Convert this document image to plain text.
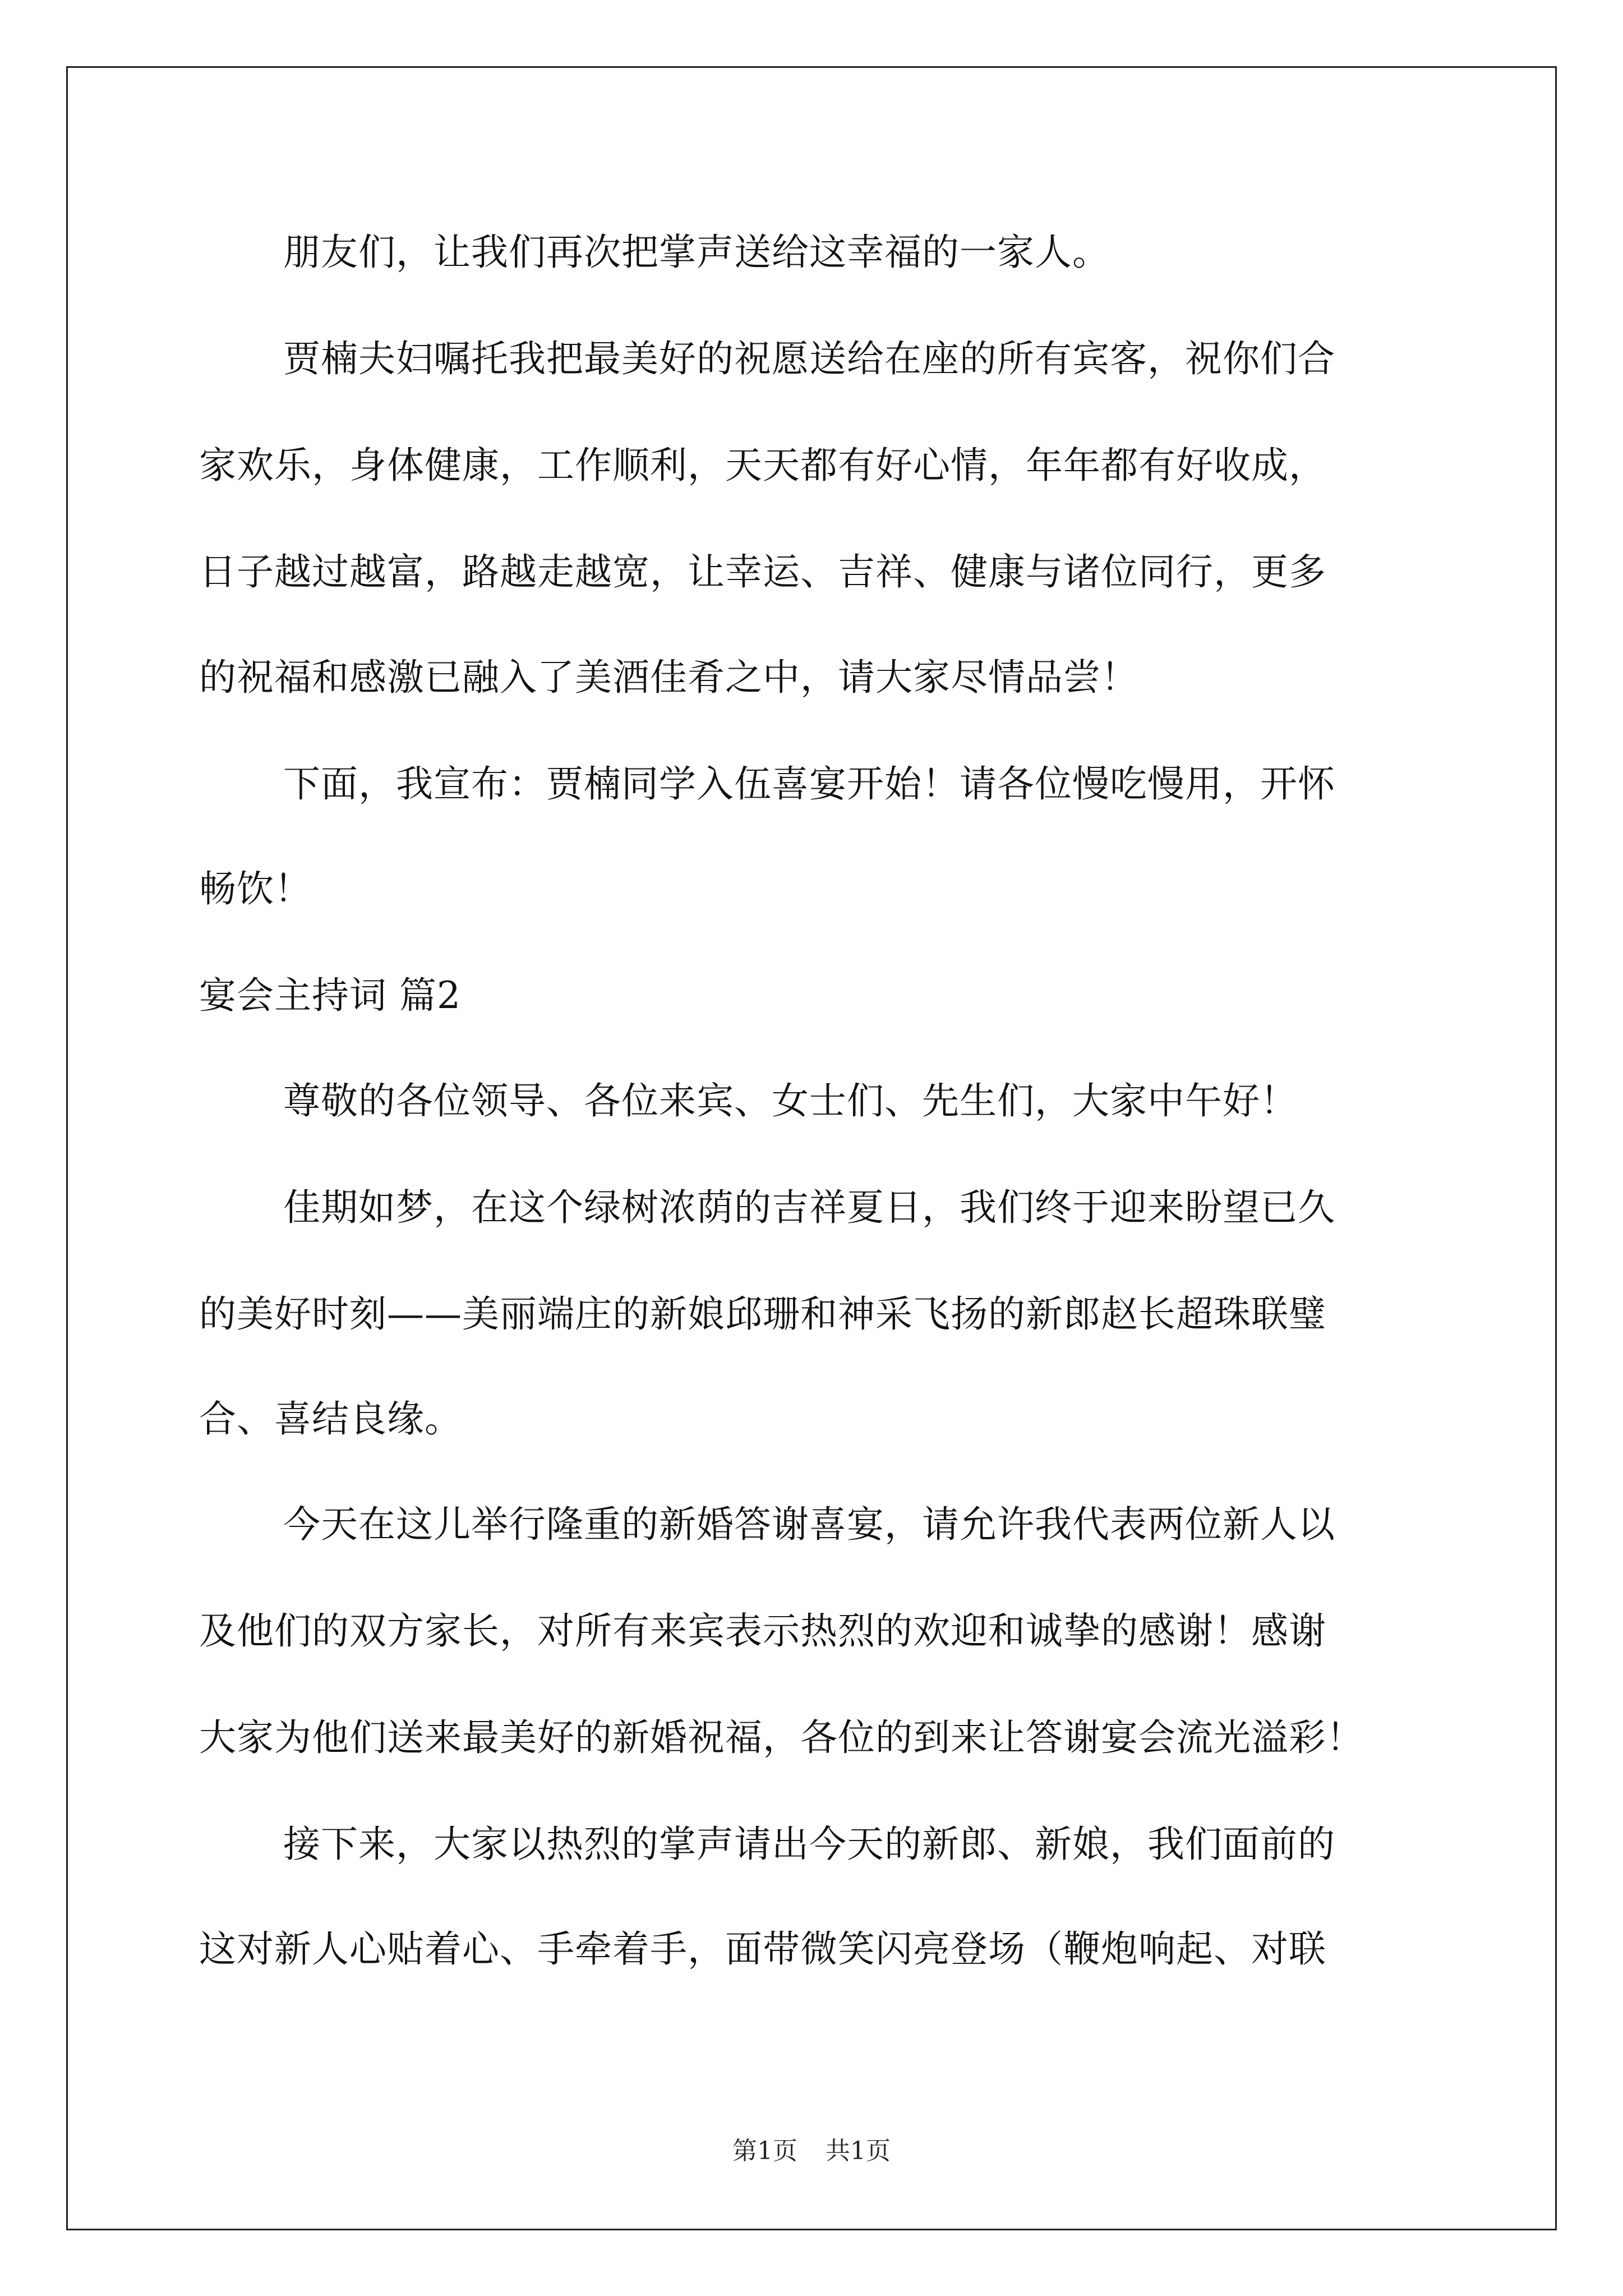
朋友们，让我们再次把掌声送给这幸福的一家人。
贾楠夫妇嘱托我把最美好的祝愿送给在座的所有宾客，祝你们合
家欢乐，身体健康，工作顺利，天天都有好心情，年年都有好收成，
日子越过越富，路越走越宽，让幸运、吉祥、健康与诸位同行，更多
的祝福和感激已融入了美酒佳肴之中，请大家尽情品尝！
下面，我宣布：贾楠同学入伍喜宴开始！请各位慢吃慢用，开怀
畅饮！
宴会主持词 篇2
尊敬的各位领导、各位来宾、女士们、先生们，大家中午好！
佳期如梦，在这个绿树浓荫的吉祥夏日，我们终于迎来盼望已久
的美好时刻——美丽端庄的新娘邱珊和神采飞扬的新郎赵长超珠联璧
合、喜结良缘。
今天在这儿举行隆重的新婚答谢喜宴，请允许我代表两位新人以
及他们的双方家长，对所有来宾表示热烈的欢迎和诚挚的感谢！感谢
大家为他们送来最美好的新婚祝福，各位的到来让答谢宴会流光溢彩！
接下来，大家以热烈的掌声请出今天的新郎、新娘，我们面前的
这对新人心贴着心、手牵着手，面带微笑闪亮登场（鞭炮响起、对联
第1页 共1页
